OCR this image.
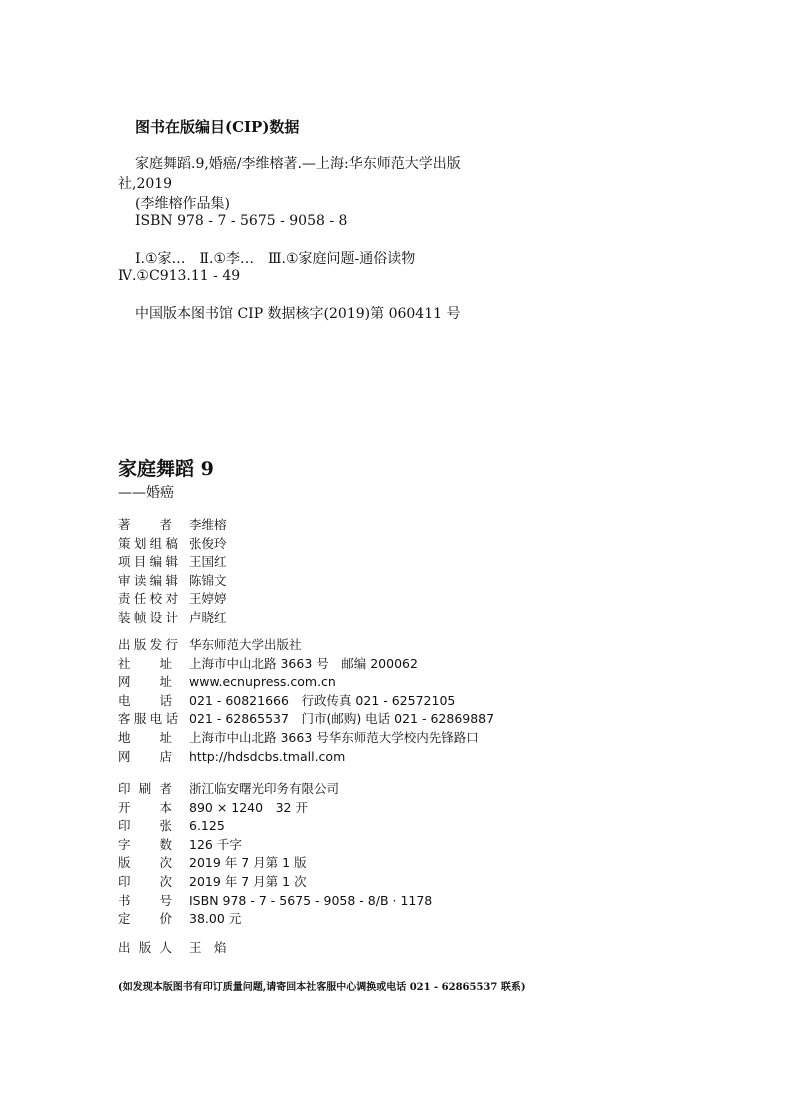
图书在版编目(CIP)数据
家庭舞蹈.9,婚癌/李维榕著.—上海:华东师范大学出版
社,2019
(李维榕作品集)
ISBN 978 - 7 - 5675 - 9058 - 8
Ⅰ.①家…　Ⅱ.①李…　Ⅲ.①家庭问题-通俗读物
Ⅳ.①C913.11 - 49
中国版本图书馆 CIP 数据核字(2019)第 060411 号
家庭舞蹈 9
——婚癌
著 者 李维榕
策 划 组 稿 张俊玲
项 目 编 辑 王国红
审 读 编 辑 陈锦文
责 任 校 对 王婷婷
装 帧 设 计 卢晓红
出 版 发 行 华东师范大学出版社
社 址 上海市中山北路 3663 号　邮编 200062
网 址 www.ecnupress.com.cn
电 话 021 - 60821666　行政传真 021 - 62572105
客 服 电 话 021 - 62865537　门市(邮购) 电话 021 - 62869887
地 址 上海市中山北路 3663 号华东师范大学校内先锋路口
网 店 http://hdsdcbs.tmall.com
印 刷 者 浙江临安曙光印务有限公司
开 本 890 × 1240　32 开
印 张 6.125
字 数 126 千字
版 次 2019 年 7 月第 1 版
印 次 2019 年 7 月第 1 次
书 号 ISBN 978 - 7 - 5675 - 9058 - 8/B · 1178
定 价 38.00 元
出 版 人 王　焰
(如发现本版图书有印订质量问题,请寄回本社客服中心调换或电话 021 - 62865537 联系)
